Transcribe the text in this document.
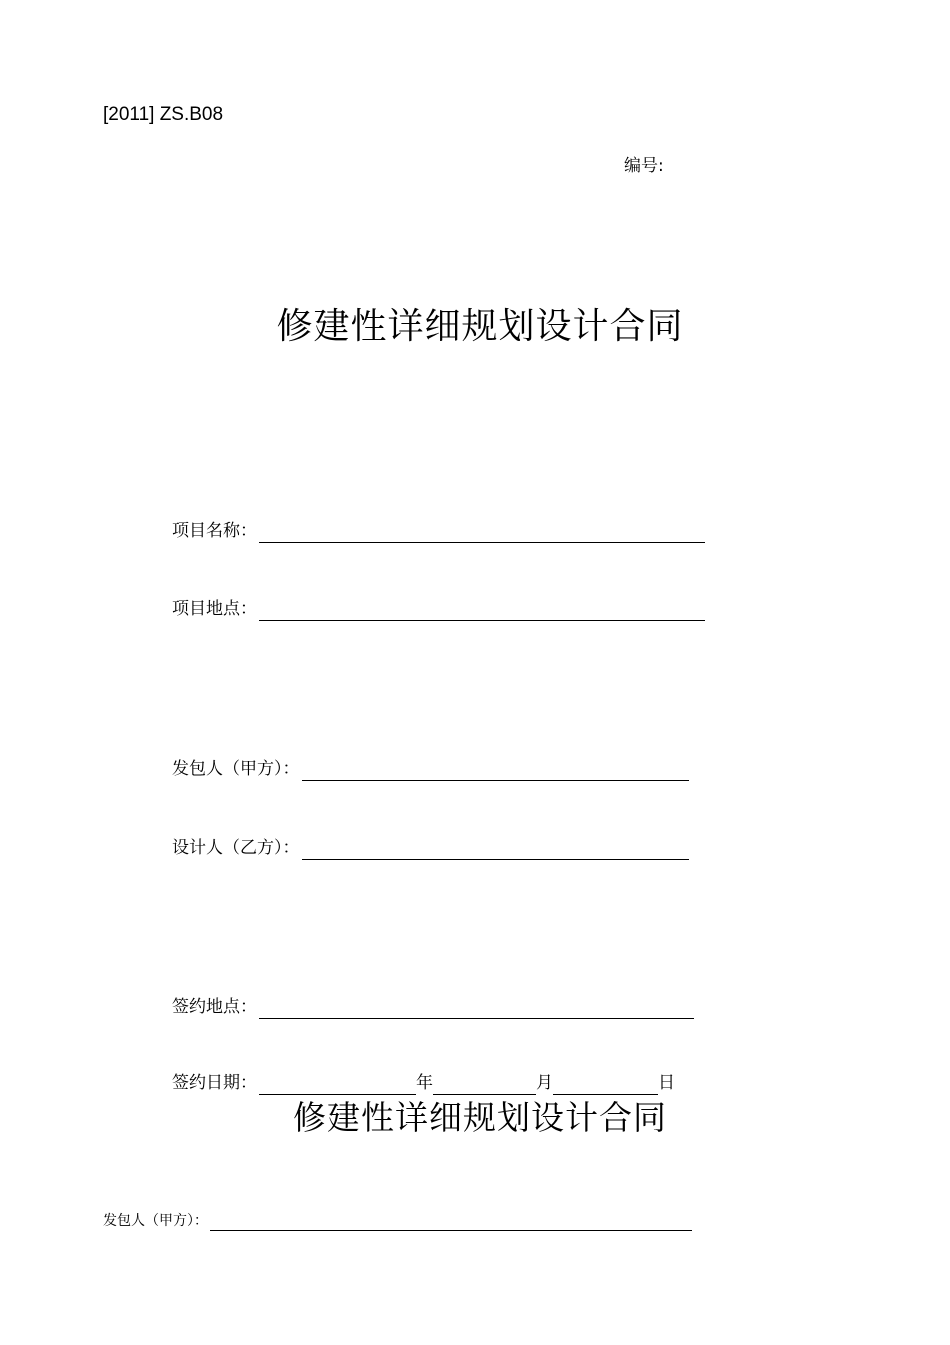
[2011] ZS.B08
编号:
修建性详细规划设计合同
项目名称：
项目地点：
发包人（甲方）：
设计人（乙方）：
签约地点：
签约日期：	年	月	日
修建性详细规划设计合同
发包人（甲方）：
